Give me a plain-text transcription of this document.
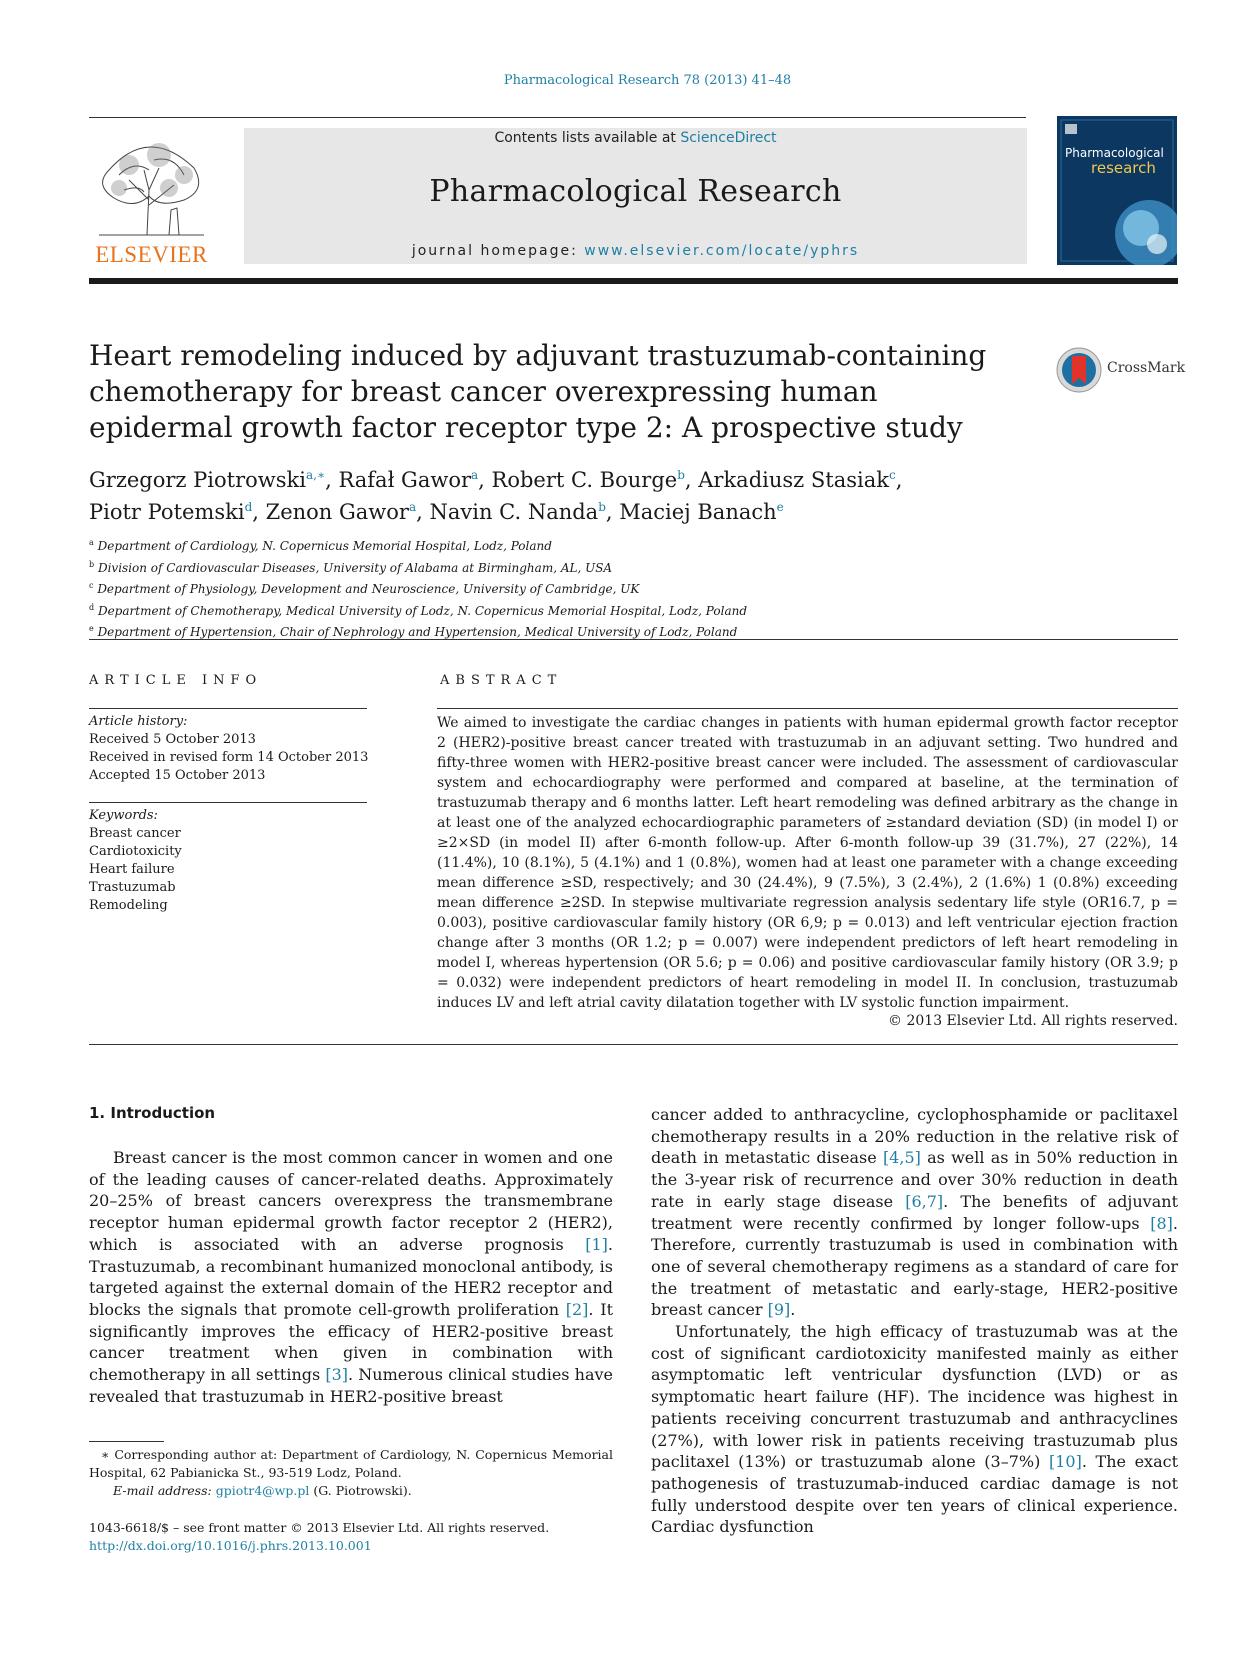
Pharmacological Research 78 (2013) 41–48
ELSEVIER
Contents lists available at ScienceDirect
Pharmacological Research
journal homepage: www.elsevier.com/locate/yphrs
Pharmacological
research
Heart remodeling induced by adjuvant trastuzumab-containing chemotherapy for breast cancer overexpressing human epidermal growth factor receptor type 2: A prospective study
CrossMark
Grzegorz Piotrowski$^{a,∗}$, Rafał Gawor$^a$, Robert C. Bourge$^b$, Arkadiusz Stasiak$^c$,
Piotr Potemski$^d$, Zenon Gawor$^a$, Navin C. Nanda$^b$, Maciej Banach$^e$
$^a$ Department of Cardiology, N. Copernicus Memorial Hospital, Lodz, Poland
$^b$ Division of Cardiovascular Diseases, University of Alabama at Birmingham, AL, USA
$^c$ Department of Physiology, Development and Neuroscience, University of Cambridge, UK
$^d$ Department of Chemotherapy, Medical University of Lodz, N. Copernicus Memorial Hospital, Lodz, Poland
$^e$ Department of Hypertension, Chair of Nephrology and Hypertension, Medical University of Lodz, Poland
ARTICLE INFO
Article history:
Received 5 October 2013
Received in revised form 14 October 2013
Accepted 15 October 2013
Keywords:
Breast cancer
Cardiotoxicity
Heart failure
Trastuzumab
Remodeling
ABSTRACT
We aimed to investigate the cardiac changes in patients with human epidermal growth factor receptor 2 (HER2)-positive breast cancer treated with trastuzumab in an adjuvant setting. Two hundred and fifty-three women with HER2-positive breast cancer were included. The assessment of cardiovascular system and echocardiography were performed and compared at baseline, at the termination of trastuzumab therapy and 6 months latter. Left heart remodeling was defined arbitrary as the change in at least one of the analyzed echocardiographic parameters of ≥standard deviation (SD) (in model I) or ≥2×SD (in model II) after 6-month follow-up. After 6-month follow-up 39 (31.7%), 27 (22%), 14 (11.4%), 10 (8.1%), 5 (4.1%) and 1 (0.8%), women had at least one parameter with a change exceeding mean difference ≥SD, respectively; and 30 (24.4%), 9 (7.5%), 3 (2.4%), 2 (1.6%) 1 (0.8%) exceeding mean difference ≥2SD. In stepwise multivariate regression analysis sedentary life style (OR16.7, p = 0.003), positive cardiovascular family history (OR 6,9; p = 0.013) and left ventricular ejection fraction change after 3 months (OR 1.2; p = 0.007) were independent predictors of left heart remodeling in model I, whereas hypertension (OR 5.6; p = 0.06) and positive cardiovascular family history (OR 3.9; p = 0.032) were independent predictors of heart remodeling in model II. In conclusion, trastuzumab induces LV and left atrial cavity dilatation together with LV systolic function impairment.
© 2013 Elsevier Ltd. All rights reserved.
1. Introduction

Breast cancer is the most common cancer in women and one of the leading causes of cancer-related deaths. Approximately 20–25% of breast cancers overexpress the transmembrane receptor human epidermal growth factor receptor 2 (HER2), which is associated with an adverse prognosis [1]. Trastuzumab, a recombinant humanized monoclonal antibody, is targeted against the external domain of the HER2 receptor and blocks the signals that promote cell-growth proliferation [2]. It significantly improves the efficacy of HER2-positive breast cancer treatment when given in combination with chemotherapy in all settings [3]. Numerous clinical studies have revealed that trastuzumab in HER2-positive breast

cancer added to anthracycline, cyclophosphamide or paclitaxel chemotherapy results in a 20% reduction in the relative risk of death in metastatic disease [4,5] as well as in 50% reduction in the 3-year risk of recurrence and over 30% reduction in death rate in early stage disease [6,7]. The benefits of adjuvant treatment were recently confirmed by longer follow-ups [8]. Therefore, currently trastuzumab is used in combination with one of several chemotherapy regimens as a standard of care for the treatment of metastatic and early-stage, HER2-positive breast cancer [9].

Unfortunately, the high efficacy of trastuzumab was at the cost of significant cardiotoxicity manifested mainly as either asymptomatic left ventricular dysfunction (LVD) or as symptomatic heart failure (HF). The incidence was highest in patients receiving concurrent trastuzumab and anthracyclines (27%), with lower risk in patients receiving trastuzumab plus paclitaxel (13%) or trastuzumab alone (3–7%) [10]. The exact pathogenesis of trastuzumab-induced cardiac damage is not fully understood despite over ten years of clinical experience. Cardiac dysfunction

∗ Corresponding author at: Department of Cardiology, N. Copernicus Memorial Hospital, 62 Pabianicka St., 93-519 Lodz, Poland.
E-mail address: gpiotr4@wp.pl (G. Piotrowski).
1043-6618/$ – see front matter © 2013 Elsevier Ltd. All rights reserved.
http://dx.doi.org/10.1016/j.phrs.2013.10.001
